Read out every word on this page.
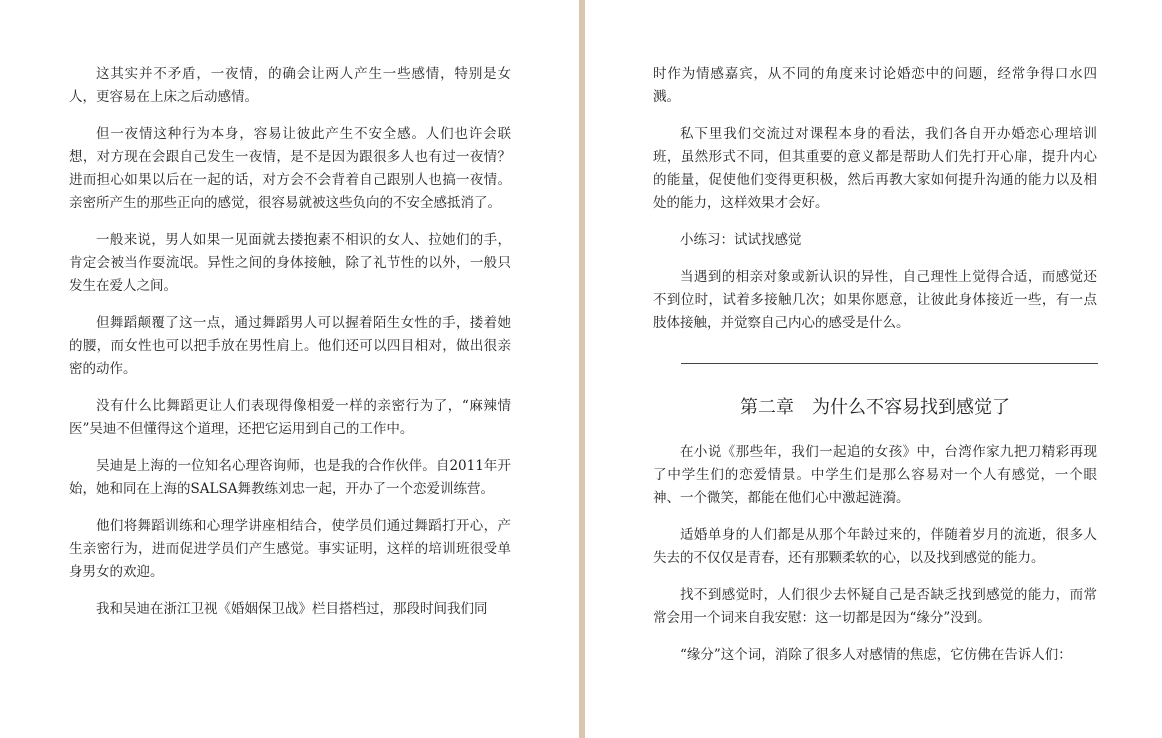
这其实并不矛盾，一夜情，的确会让两人产生一些感情，特别是女人，更容易在上床之后动感情。

但一夜情这种行为本身，容易让彼此产生不安全感。人们也许会联想，对方现在会跟自己发生一夜情，是不是因为跟很多人也有过一夜情？进而担心如果以后在一起的话，对方会不会背着自己跟别人也搞一夜情。亲密所产生的那些正向的感觉，很容易就被这些负向的不安全感抵消了。

一般来说，男人如果一见面就去搂抱素不相识的女人、拉她们的手，肯定会被当作耍流氓。异性之间的身体接触，除了礼节性的以外，一般只发生在爱人之间。

但舞蹈颠覆了这一点，通过舞蹈男人可以握着陌生女性的手，搂着她的腰，而女性也可以把手放在男性肩上。他们还可以四目相对，做出很亲密的动作。

没有什么比舞蹈更让人们表现得像相爱一样的亲密行为了，“麻辣情医”吴迪不但懂得这个道理，还把它运用到自己的工作中。

吴迪是上海的一位知名心理咨询师，也是我的合作伙伴。自2011年开始，她和同在上海的SALSA舞教练刘忠一起，开办了一个恋爱训练营。

他们将舞蹈训练和心理学讲座相结合，使学员们通过舞蹈打开心，产生亲密行为，进而促进学员们产生感觉。事实证明，这样的培训班很受单身男女的欢迎。

我和吴迪在浙江卫视《婚姻保卫战》栏目搭档过，那段时间我们同

时作为情感嘉宾，从不同的角度来讨论婚恋中的问题，经常争得口水四溅。

私下里我们交流过对课程本身的看法，我们各自开办婚恋心理培训班，虽然形式不同，但其重要的意义都是帮助人们先打开心扉，提升内心的能量，促使他们变得更积极，然后再教大家如何提升沟通的能力以及相处的能力，这样效果才会好。

小练习：试试找感觉

当遇到的相亲对象或新认识的异性，自己理性上觉得合适，而感觉还不到位时，试着多接触几次；如果你愿意，让彼此身体接近一些，有一点肢体接触，并觉察自己内心的感受是什么。

第二章　为什么不容易找到感觉了

在小说《那些年，我们一起追的女孩》中，台湾作家九把刀精彩再现了中学生们的恋爱情景。中学生们是那么容易对一个人有感觉，一个眼神、一个微笑，都能在他们心中激起涟漪。

适婚单身的人们都是从那个年龄过来的，伴随着岁月的流逝，很多人失去的不仅仅是青春，还有那颗柔软的心，以及找到感觉的能力。

找不到感觉时，人们很少去怀疑自己是否缺乏找到感觉的能力，而常常会用一个词来自我安慰：这一切都是因为“缘分”没到。

“缘分”这个词，消除了很多人对感情的焦虑，它仿佛在告诉人们：
